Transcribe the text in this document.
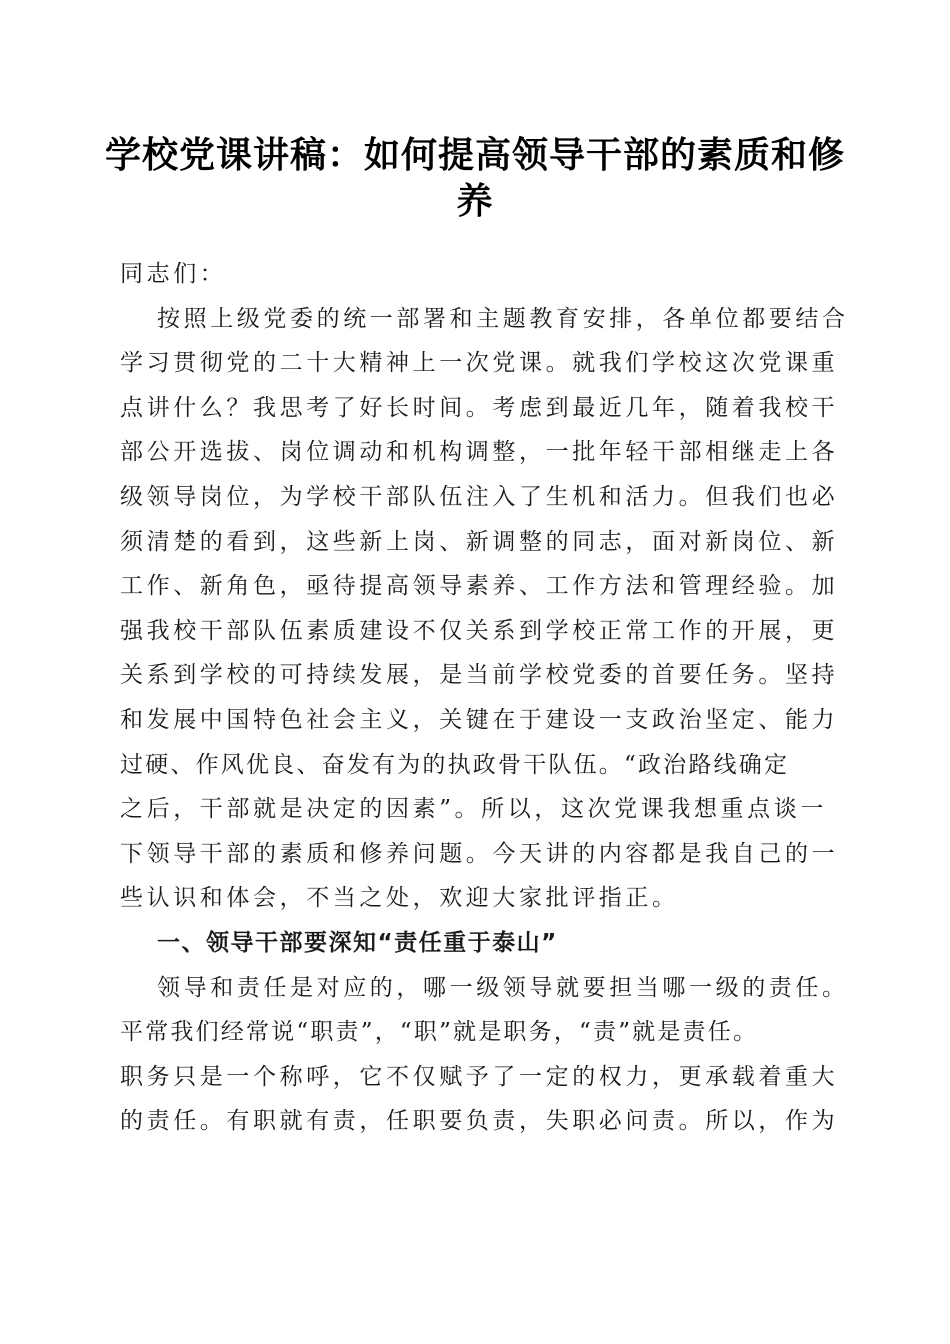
学校党课讲稿：如何提高领导干部的素质和修
养
同志们：
按照上级党委的统一部署和主题教育安排，各单位都要结合
学习贯彻党的二十大精神上一次党课。就我们学校这次党课重
点讲什么？我思考了好长时间。考虑到最近几年，随着我校干
部公开选拔、岗位调动和机构调整，一批年轻干部相继走上各
级领导岗位，为学校干部队伍注入了生机和活力。但我们也必
须清楚的看到，这些新上岗、新调整的同志，面对新岗位、新
工作、新角色，亟待提高领导素养、工作方法和管理经验。加
强我校干部队伍素质建设不仅关系到学校正常工作的开展，更
关系到学校的可持续发展，是当前学校党委的首要任务。坚持
和发展中国特色社会主义，关键在于建设一支政治坚定、能力
过硬、作风优良、奋发有为的执政骨干队伍。“政治路线确定
之后，干部就是决定的因素”。所以，这次党课我想重点谈一
下领导干部的素质和修养问题。今天讲的内容都是我自己的一
些认识和体会，不当之处，欢迎大家批评指正。
一、领导干部要深知“责任重于泰山”
领导和责任是对应的，哪一级领导就要担当哪一级的责任。
平常我们经常说“职责”，“职”就是职务，“责”就是责任。
职务只是一个称呼，它不仅赋予了一定的权力，更承载着重大
的责任。有职就有责，任职要负责，失职必问责。所以，作为
